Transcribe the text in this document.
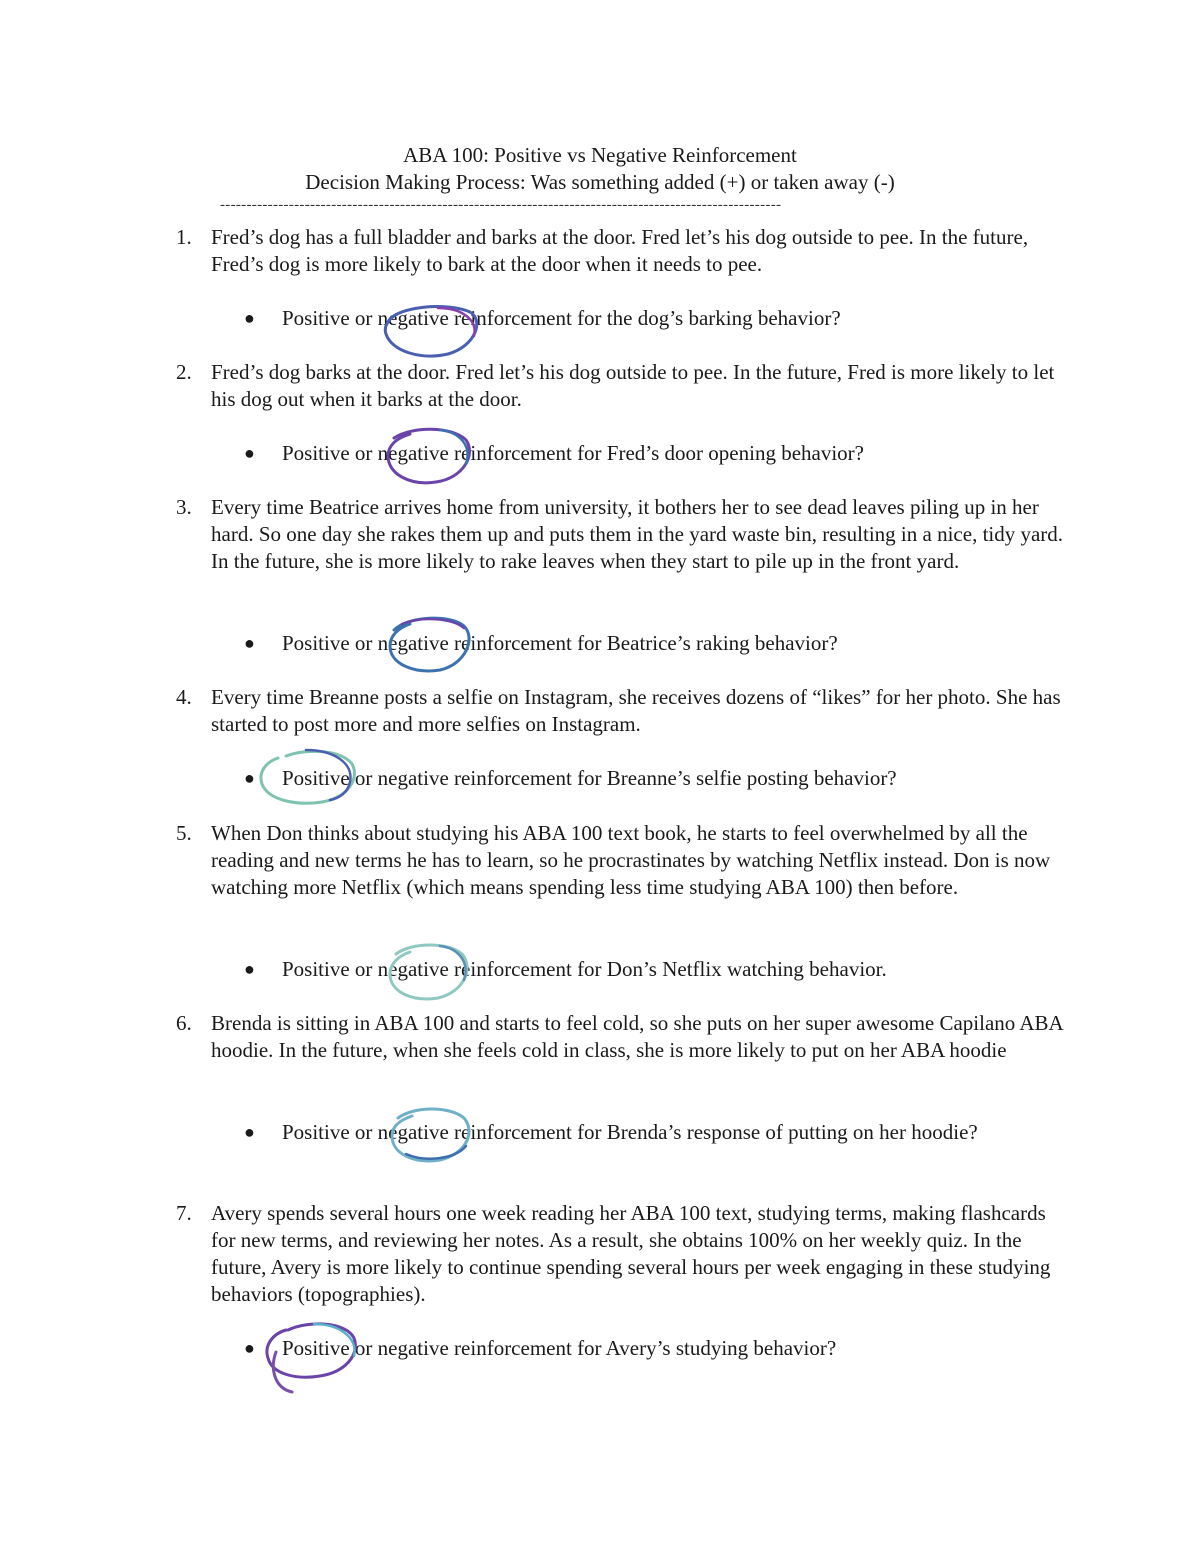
ABA 100: Positive vs Negative Reinforcement
Decision Making Process: Was something added (+) or taken away (-)
----------------------------------------------------------------------------------------------------------
1. Fred’s dog has a full bladder and barks at the door. Fred let’s his dog outside to pee. In the future, Fred’s dog is more likely to bark at the door when it needs to pee.
● Positive or negative reinforcement for the dog’s barking behavior?
2. Fred’s dog barks at the door. Fred let’s his dog outside to pee. In the future, Fred is more likely to let his dog out when it barks at the door.
● Positive or negative reinforcement for Fred’s door opening behavior?
3. Every time Beatrice arrives home from university, it bothers her to see dead leaves piling up in her hard. So one day she rakes them up and puts them in the yard waste bin, resulting in a nice, tidy yard. In the future, she is more likely to rake leaves when they start to pile up in the front yard.
● Positive or negative reinforcement for Beatrice’s raking behavior?
4. Every time Breanne posts a selfie on Instagram, she receives dozens of “likes” for her photo. She has started to post more and more selfies on Instagram.
● Positive or negative reinforcement for Breanne’s selfie posting behavior?
5. When Don thinks about studying his ABA 100 text book, he starts to feel overwhelmed by all the reading and new terms he has to learn, so he procrastinates by watching Netflix instead. Don is now watching more Netflix (which means spending less time studying ABA 100) then before.
● Positive or negative reinforcement for Don’s Netflix watching behavior.
6. Brenda is sitting in ABA 100 and starts to feel cold, so she puts on her super awesome Capilano ABA hoodie. In the future, when she feels cold in class, she is more likely to put on her ABA hoodie
● Positive or negative reinforcement for Brenda’s response of putting on her hoodie?
7. Avery spends several hours one week reading her ABA 100 text, studying terms, making flashcards for new terms, and reviewing her notes. As a result, she obtains 100% on her weekly quiz. In the future, Avery is more likely to continue spending several hours per week engaging in these studying behaviors (topographies).
● Positive or negative reinforcement for Avery’s studying behavior?
